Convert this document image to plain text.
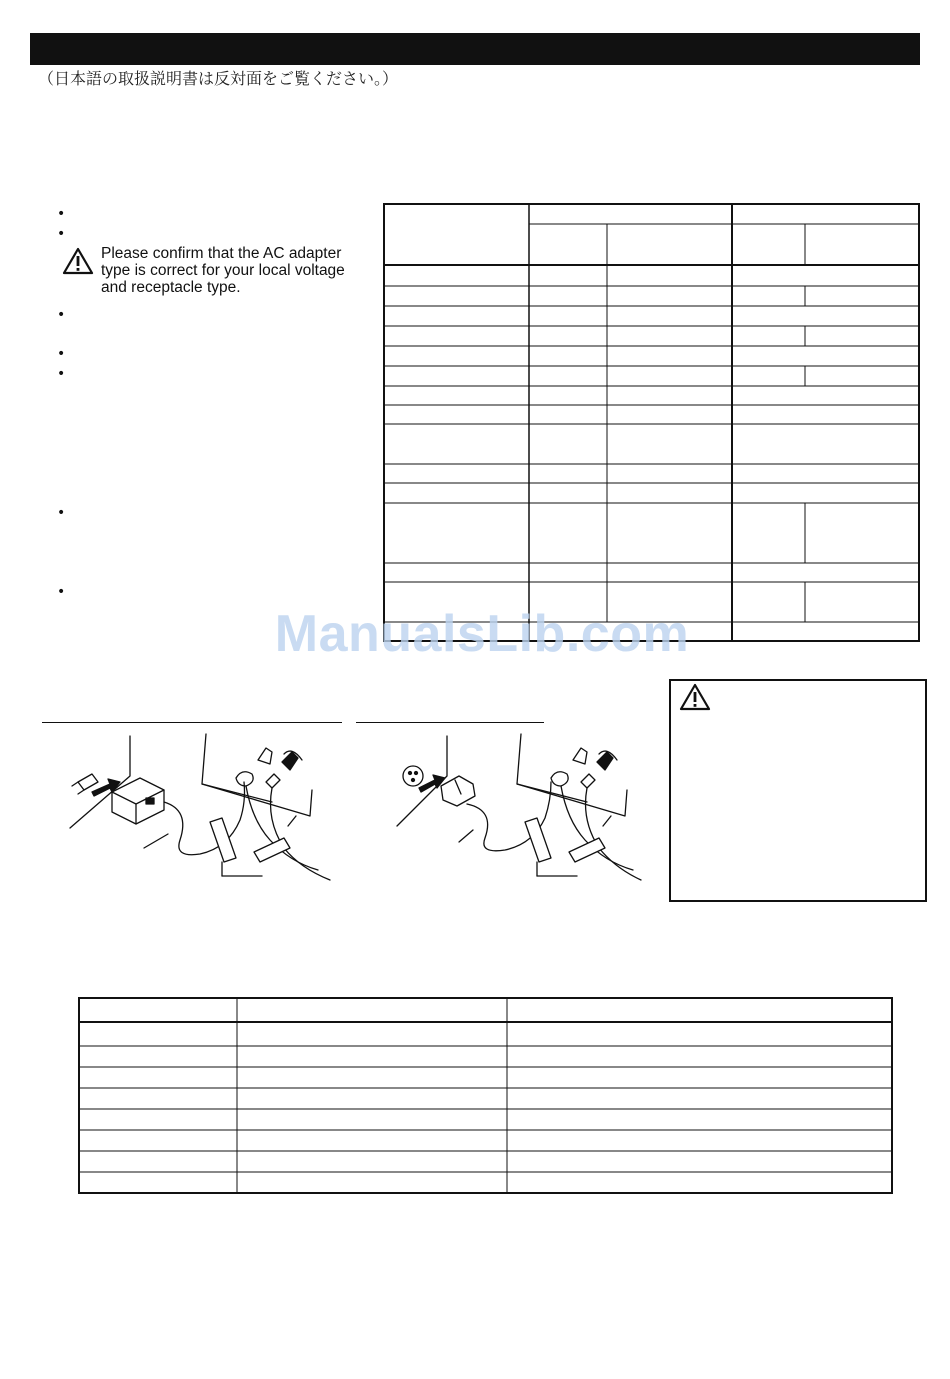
（日本語の取扱説明書は反対面をご覧ください。）
•
•
•
•
•
•
•
Please confirm that the AC adapter
type is correct for your local voltage
and receptacle type.
ManualsLib.com
